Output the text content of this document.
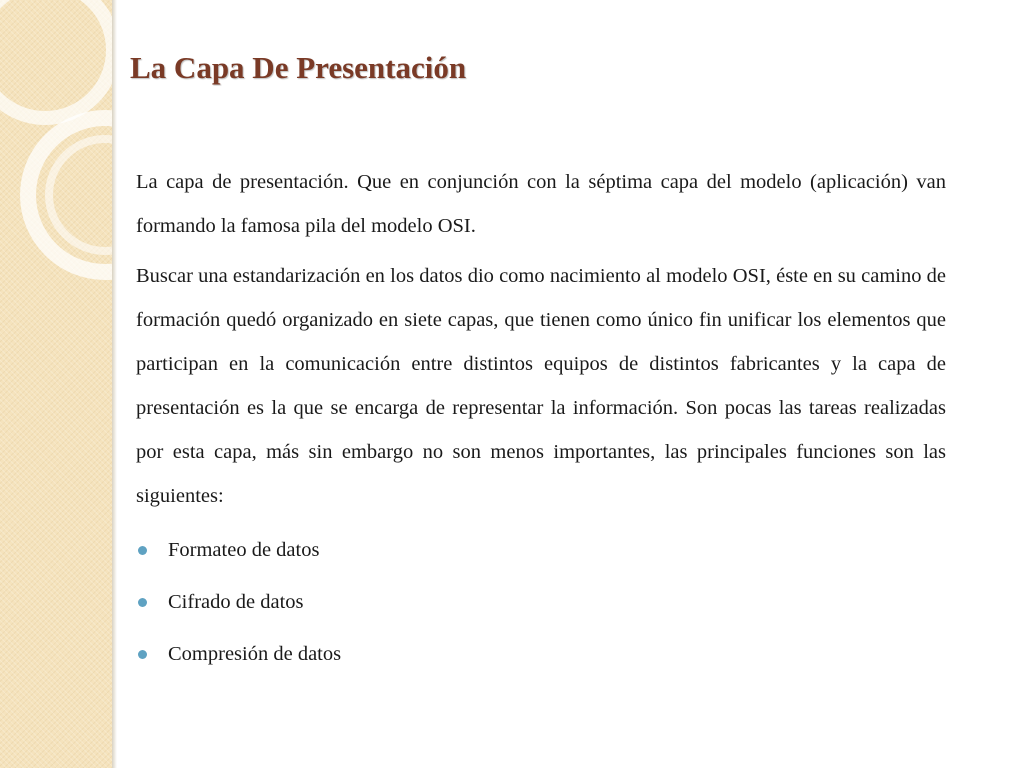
La Capa De Presentación

La capa de presentación. Que en conjunción con la séptima capa del modelo (aplicación) van formando la famosa pila del modelo OSI.

Buscar una estandarización en los datos dio como nacimiento al modelo OSI, éste en su camino de formación quedó organizado en siete capas, que tienen como único fin unificar los elementos que participan en la comunicación entre distintos equipos de distintos fabricantes y la capa de presentación es la que se encarga de representar la información. Son pocas las tareas realizadas por esta capa, más sin embargo no son menos importantes, las principales funciones son las siguientes:

Formateo de datos
Cifrado de datos
Compresión de datos
